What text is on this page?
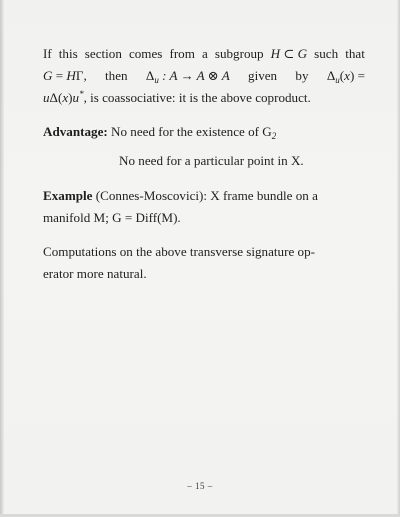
If this section comes from a subgroup H ⊂ G such that
G = HΓ, then $\Delta_u$ : A → A ⊗ A given by $\Delta_u(x)$ =
uΔ(x)u*, is coassociative: it is the above coproduct.
Advantage: No need for the existence of $G_2$
No need for a particular point in X.
Example (Connes-Moscovici): X frame bundle on a
manifold M; G = Diff(M).
Computations on the above transverse signature op-
erator more natural.
– 15 –
